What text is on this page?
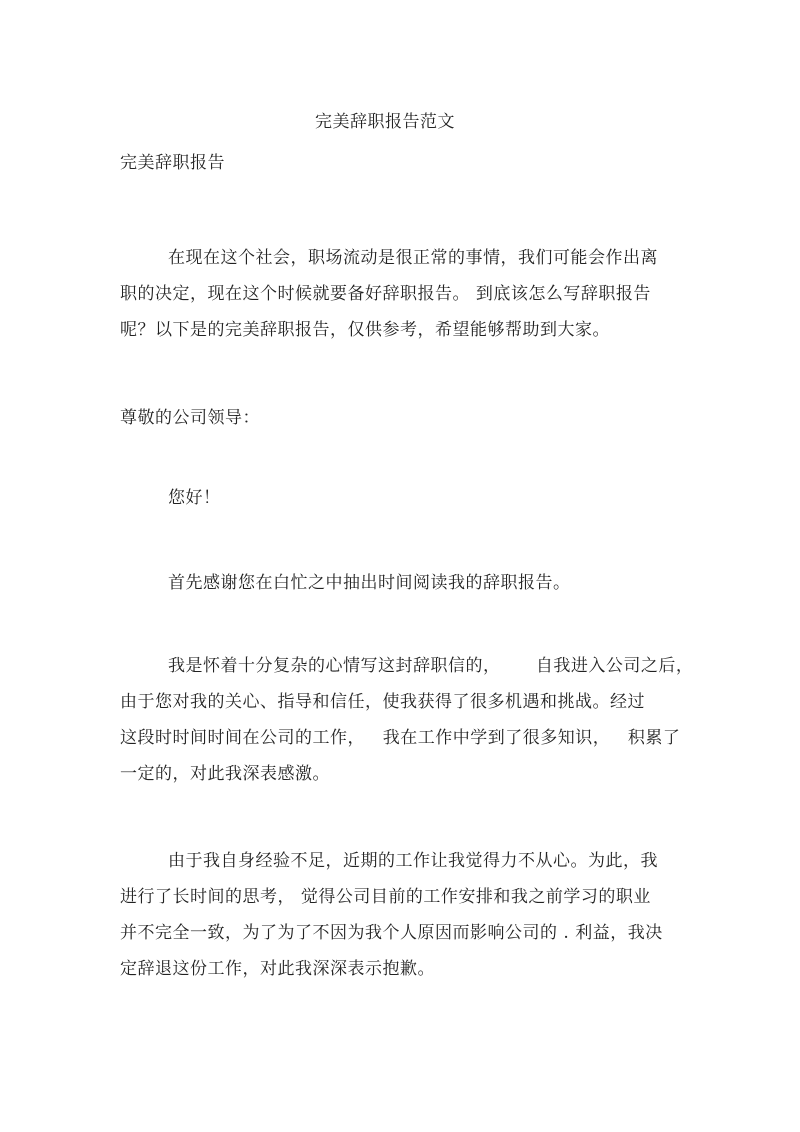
完美辞职报告范文
完美辞职报告
在现在这个社会，职场流动是很正常的事情，我们可能会作出离
职的决定，现在这个时候就要备好辞职报告。 到底该怎么写辞职报告
呢？以下是的完美辞职报告，仅供参考，希望能够帮助到大家。
尊敬的公司领导：
您好！
首先感谢您在白忙之中抽出时间阅读我的辞职报告。
我是怀着十分复杂的心情写这封辞职信的，      自我进入公司之后，
由于您对我的关心、指导和信任，使我获得了很多机遇和挑战。经过
这段时时间时间在公司的工作，   我在工作中学到了很多知识，   积累了
一定的，对此我深表感激。
由于我自身经验不足，近期的工作让我觉得力不从心。为此，我
进行了长时间的思考， 觉得公司目前的工作安排和我之前学习的职业
并不完全一致，为了为了不因为我个人原因而影响公司的 . 利益，我决
定辞退这份工作，对此我深深表示抱歉。
